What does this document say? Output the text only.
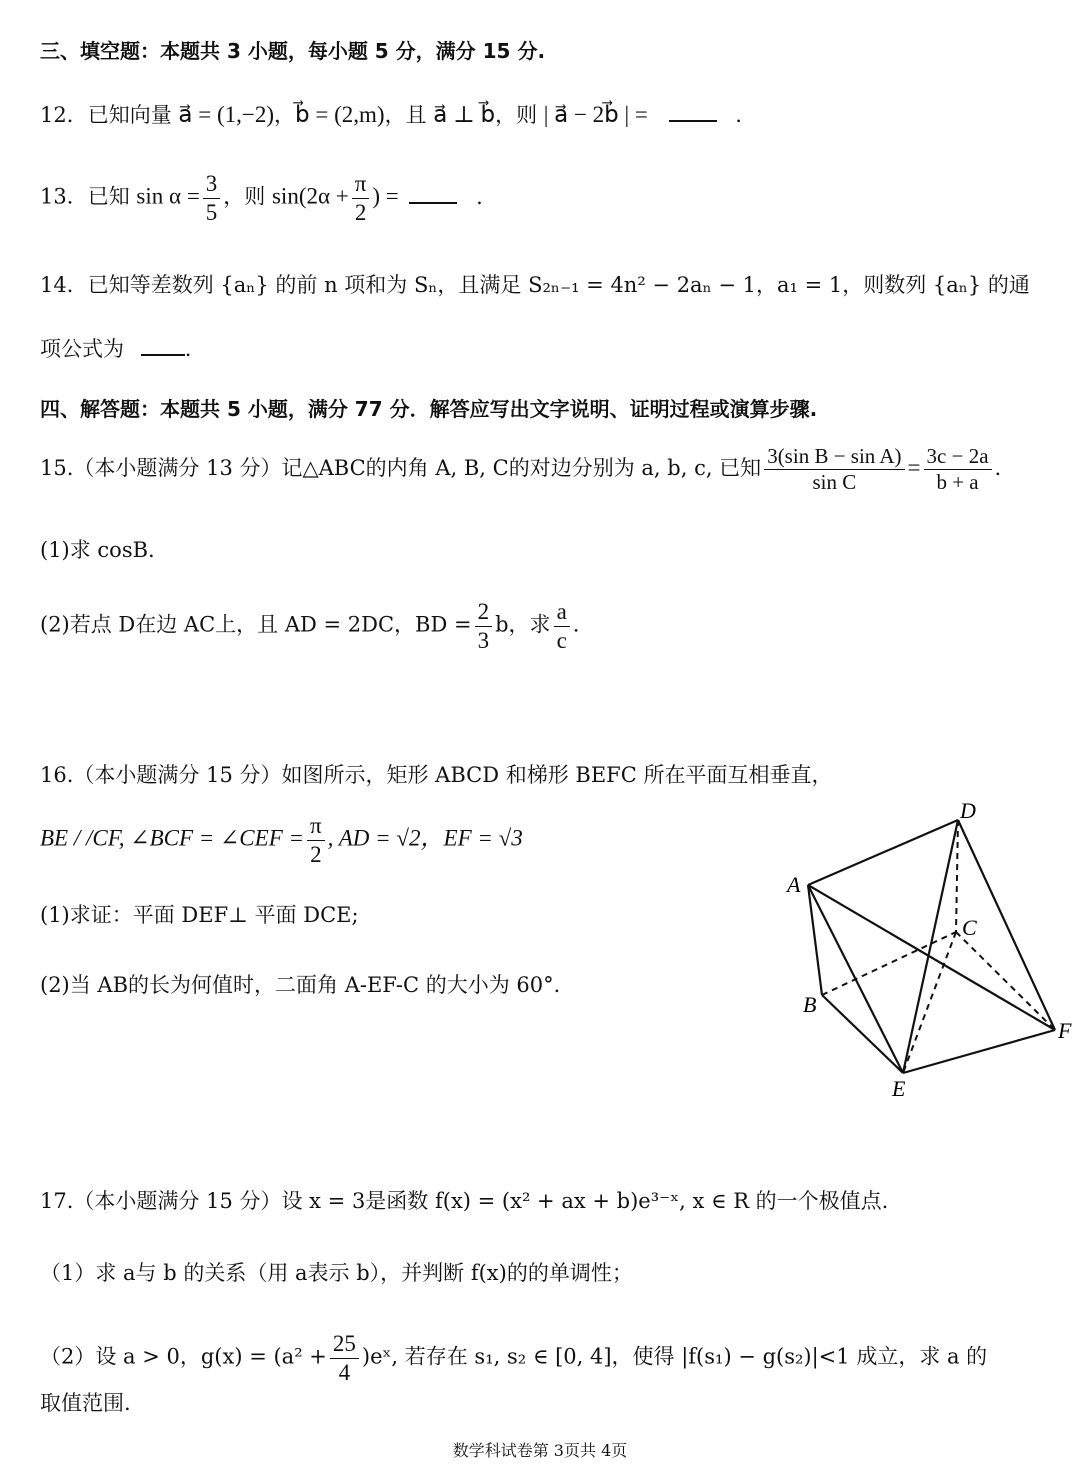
三、填空题：本题共 3 小题，每小题 5 分，满分 15 分.
12．已知向量 a⃗ = (1,−2)，b⃗ = (2,m)，且 a⃗ ⊥ b⃗，则 | a⃗ − 2b⃗ | =	.
13．已知 $\sin \alpha = \frac{3}{5}$ ，则 $\sin(2\alpha + \frac{\pi}{2}$ ) =	.
14．已知等差数列 {aₙ} 的前 n 项和为 Sₙ，且满足 S₂ₙ₋₁ = 4n² − 2aₙ − 1，a₁ = 1，则数列 {aₙ} 的通
项公式为	.
四、解答题：本题共 5 小题，满分 77 分．解答应写出文字说明、证明过程或演算步骤.
15.（本小题满分 13 分）记△ABC的内角 A, B, C的对边分别为 a, b, c, 已知 $\frac{\text{3(sin B − sin A)}}{\text{sin C}} = \frac{3c - 2a}{b + a}$ .
(1)求 cosB.
(2)若点 D在边 AC上，且 AD = 2DC，BD = $\frac{2}{3}$ b，求 $\frac{a}{c}$ .
16.（本小题满分 15 分）如图所示，矩形 ABCD 和梯形 BEFC 所在平面互相垂直，
BE / /CF, ∠BCF = ∠CEF = $\frac{\pi}{2}$ , AD = √2，EF = √3
(1)求证：平面 DEF⊥ 平面 DCE;
(2)当 AB的长为何值时，二面角 A-EF-C 的大小为 60°．
A
B
C
D
E
F
17.（本小题满分 15 分）设 x = 3是函数 f(x) = (x² + ax + b)e³⁻ˣ, x ∈ R 的一个极值点.
（1）求 a与 b 的关系（用 a表示 b），并判断 f(x)的的单调性；
（2）设 a > 0，$g(x) = (a^2 + \frac{25}{4}$ )eˣ, 若存在 s₁, s₂ ∈ [0, 4]，使得 |f(s₁) − g(s₂)|<1 成立，求 a 的
取值范围.
数学科试卷第 3页共 4页
